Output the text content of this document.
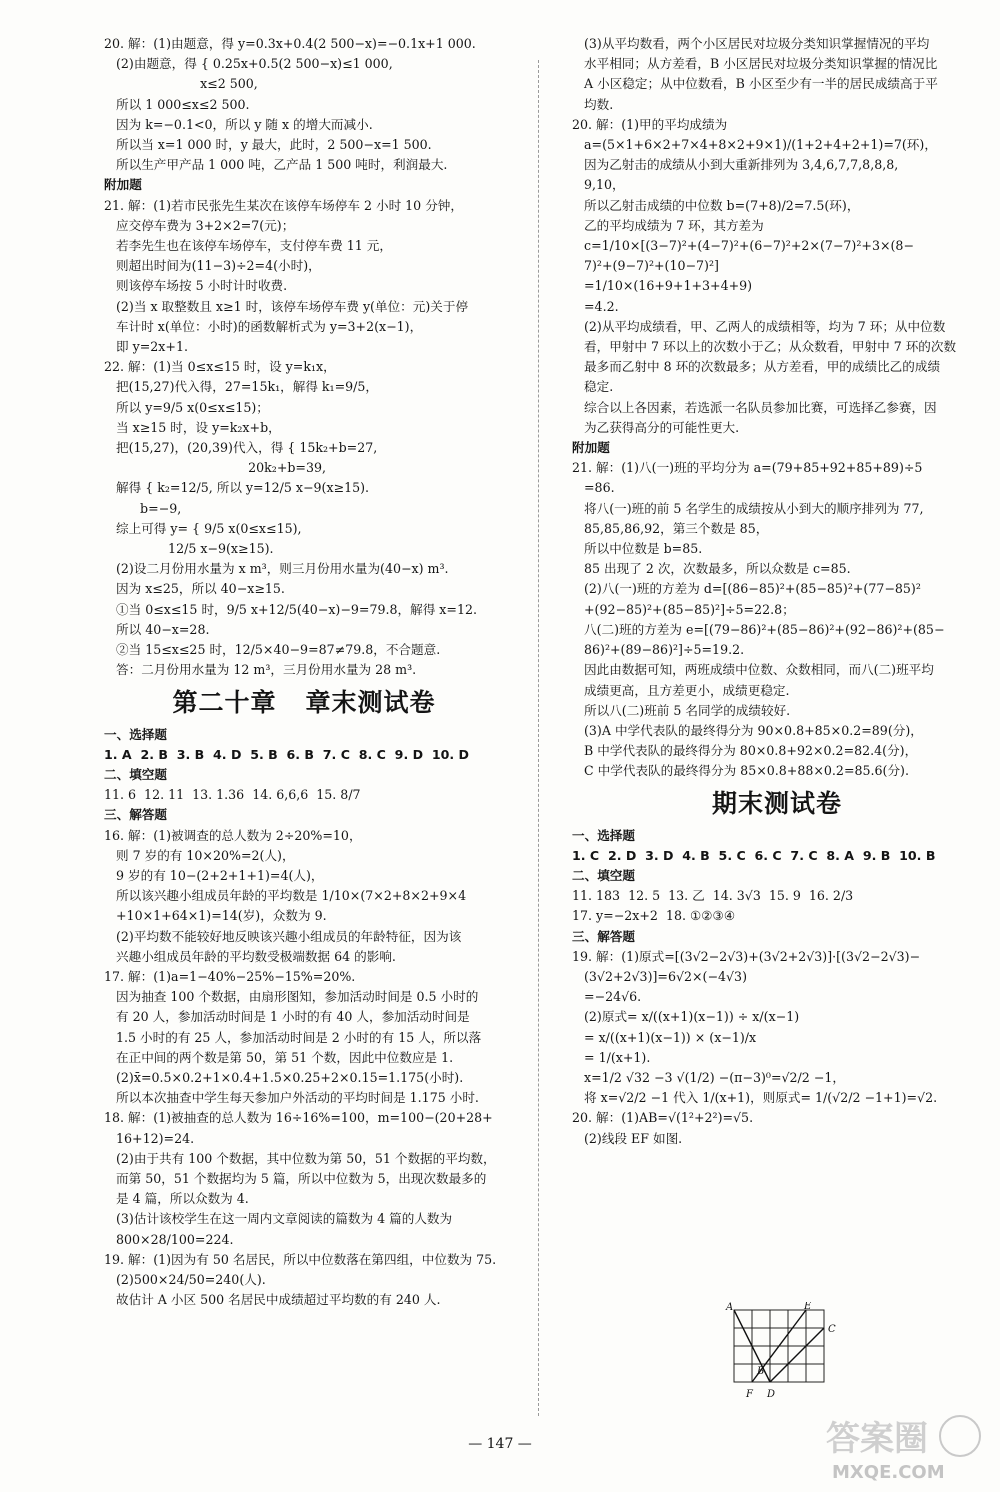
20. 解：(1)由题意，得 y=0.3x+0.4(2 500−x)=−0.1x+1 000.
(2)由题意，得 { 0.25x+0.5(2 500−x)≤1 000,
x≤2 500,
所以 1 000≤x≤2 500.
因为 k=−0.1<0，所以 y 随 x 的增大而减小.
所以当 x=1 000 时，y 最大，此时，2 500−x=1 500.
所以生产甲产品 1 000 吨，乙产品 1 500 吨时，利润最大.
附加题
21. 解：(1)若市民张先生某次在该停车场停车 2 小时 10 分钟，
应交停车费为 3+2×2=7(元)；
若李先生也在该停车场停车，支付停车费 11 元，
则超出时间为(11−3)÷2=4(小时)，
则该停车场按 5 小时计时收费.
(2)当 x 取整数且 x≥1 时，该停车场停车费 y(单位：元)关于停
车计时 x(单位：小时)的函数解析式为 y=3+2(x−1)，
即 y=2x+1.
22. 解：(1)当 0≤x≤15 时，设 y=k₁x，
把(15,27)代入得，27=15k₁，解得 k₁=9/5，
所以 y=9/5 x(0≤x≤15)；
当 x≥15 时，设 y=k₂x+b，
把(15,27)，(20,39)代入，得 { 15k₂+b=27,
20k₂+b=39,
解得 { k₂=12/5, 所以 y=12/5 x−9(x≥15).
b=−9,
综上可得 y= { 9/5 x(0≤x≤15),
12/5 x−9(x≥15).
(2)设二月份用水量为 x m³，则三月份用水量为(40−x) m³.
因为 x≤25，所以 40−x≥15.
①当 0≤x≤15 时，9/5 x+12/5(40−x)−9=79.8，解得 x=12.
所以 40−x=28.
②当 15≤x≤25 时，12/5×40−9=87≠79.8，不合题意.
答：二月份用水量为 12 m³，三月份用水量为 28 m³.
第二十章   章末测试卷
一、选择题
1. A  2. B  3. B  4. D  5. B  6. B  7. C  8. C  9. D  10. D
二、填空题
11. 6  12. 11  13. 1.36  14. 6,6,6  15. 8/7
三、解答题
16. 解：(1)被调查的总人数为 2÷20%=10，
则 7 岁的有 10×20%=2(人)，
9 岁的有 10−(2+2+1+1)=4(人)，
所以该兴趣小组成员年龄的平均数是 1/10×(7×2+8×2+9×4
+10×1+64×1)=14(岁)，众数为 9.
(2)平均数不能较好地反映该兴趣小组成员的年龄特征，因为该
兴趣小组成员年龄的平均数受极端数据 64 的影响.
17. 解：(1)a=1−40%−25%−15%=20%.
因为抽查 100 个数据，由扇形图知，参加活动时间是 0.5 小时的
有 20 人，参加活动时间是 1 小时的有 40 人，参加活动时间是
1.5 小时的有 25 人，参加活动时间是 2 小时的有 15 人，所以落
在正中间的两个数是第 50，第 51 个数，因此中位数应是 1.
(2)x̄=0.5×0.2+1×0.4+1.5×0.25+2×0.15=1.175(小时).
所以本次抽查中学生每天参加户外活动的平均时间是 1.175 小时.
18. 解：(1)被抽查的总人数为 16÷16%=100，m=100−(20+28+
16+12)=24.
(2)由于共有 100 个数据，其中位数为第 50，51 个数据的平均数，
而第 50，51 个数据均为 5 篇，所以中位数为 5，出现次数最多的
是 4 篇，所以众数为 4.
(3)估计该校学生在这一周内文章阅读的篇数为 4 篇的人数为
800×28/100=224.
19. 解：(1)因为有 50 名居民，所以中位数落在第四组，中位数为 75.
(2)500×24/50=240(人).
故估计 A 小区 500 名居民中成绩超过平均数的有 240 人.
(3)从平均数看，两个小区居民对垃圾分类知识掌握情况的平均
水平相同；从方差看，B 小区居民对垃圾分类知识掌握的情况比
A 小区稳定；从中位数看，B 小区至少有一半的居民成绩高于平
均数.
20. 解：(1)甲的平均成绩为
a=(5×1+6×2+7×4+8×2+9×1)/(1+2+4+2+1)=7(环)，
因为乙射击的成绩从小到大重新排列为 3,4,6,7,7,8,8,8,
9,10，
所以乙射击成绩的中位数 b=(7+8)/2=7.5(环)，
乙的平均成绩为 7 环，其方差为
c=1/10×[(3−7)²+(4−7)²+(6−7)²+2×(7−7)²+3×(8−
7)²+(9−7)²+(10−7)²]
=1/10×(16+9+1+3+4+9)
=4.2.
(2)从平均成绩看，甲、乙两人的成绩相等，均为 7 环；从中位数
看，甲射中 7 环以上的次数小于乙；从众数看，甲射中 7 环的次数
最多而乙射中 8 环的次数最多；从方差看，甲的成绩比乙的成绩
稳定.
综合以上各因素，若选派一名队员参加比赛，可选择乙参赛，因
为乙获得高分的可能性更大.
附加题
21. 解：(1)八(一)班的平均分为 a=(79+85+92+85+89)÷5
=86.
将八(一)班的前 5 名学生的成绩按从小到大的顺序排列为 77,
85,85,86,92，第三个数是 85，
所以中位数是 b=85.
85 出现了 2 次，次数最多，所以众数是 c=85.
(2)八(一)班的方差为 d=[(86−85)²+(85−85)²+(77−85)²
+(92−85)²+(85−85)²]÷5=22.8；
八(二)班的方差为 e=[(79−86)²+(85−86)²+(92−86)²+(85−
86)²+(89−86)²]÷5=19.2.
因此由数据可知，两班成绩中位数、众数相同，而八(二)班平均
成绩更高，且方差更小，成绩更稳定.
所以八(二)班前 5 名同学的成绩较好.
(3)A 中学代表队的最终得分为 90×0.8+85×0.2=89(分)，
B 中学代表队的最终得分为 80×0.8+92×0.2=82.4(分)，
C 中学代表队的最终得分为 85×0.8+88×0.2=85.6(分).
期末测试卷
一、选择题
1. C  2. D  3. D  4. B  5. C  6. C  7. C  8. A  9. B  10. B
二、填空题
11. 183  12. 5  13. 乙  14. 3√3  15. 9  16. 2/3
17. y=−2x+2  18. ①②③④
三、解答题
19. 解：(1)原式=[(3√2−2√3)+(3√2+2√3)]·[(3√2−2√3)−
(3√2+2√3)]=6√2×(−4√3)
=−24√6.
(2)原式= x/((x+1)(x−1)) ÷ x/(x−1)
= x/((x+1)(x−1)) × (x−1)/x
= 1/(x+1).
x=1/2 √32 −3 √(1/2) −(π−3)⁰=√2/2 −1，
将 x=√2/2 −1 代入 1/(x+1)，则原式= 1/(√2/2 −1+1)=√2.
20. 解：(1)AB=√(1²+2²)=√5.
(2)线段 EF 如图.
A	E
C
B
F D
— 147 —	答案圈
MXQE.COM
